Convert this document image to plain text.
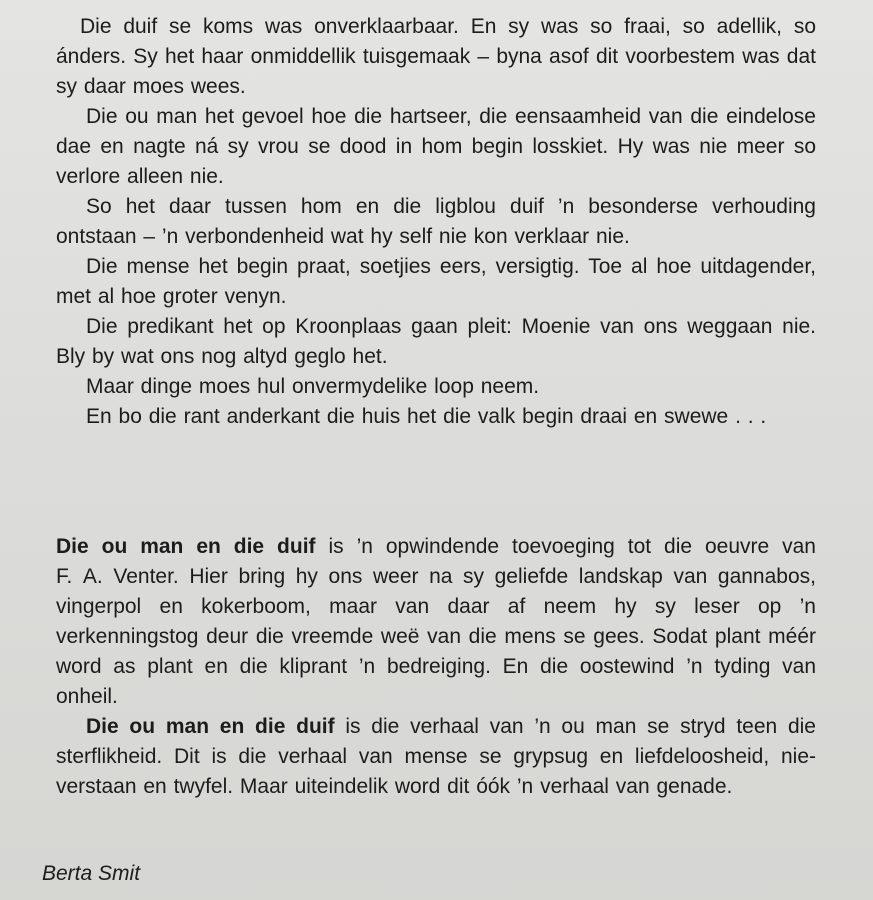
Die duif se koms was onverklaarbaar. En sy was so fraai, so adellik, so ánders. Sy het haar onmiddellik tuisgemaak – byna asof dit voorbestem was dat sy daar moes wees.

Die ou man het gevoel hoe die hartseer, die eensaamheid van die eindelose dae en nagte ná sy vrou se dood in hom begin losskiet. Hy was nie meer so verlore alleen nie.

So het daar tussen hom en die ligblou duif ’n besonderse verhouding ontstaan – ’n verbondenheid wat hy self nie kon verklaar nie.

Die mense het begin praat, soetjies eers, versigtig. Toe al hoe uitdagender, met al hoe groter venyn.

Die predikant het op Kroonplaas gaan pleit: Moenie van ons weggaan nie. Bly by wat ons nog altyd geglo het.

Maar dinge moes hul onvermydelike loop neem.

En bo die rant anderkant die huis het die valk begin draai en swewe . . .

Die ou man en die duif is ’n opwindende toevoeging tot die oeuvre van F. A. Venter. Hier bring hy ons weer na sy geliefde landskap van gannabos, vingerpol en kokerboom, maar van daar af neem hy sy leser op ’n verkenningstog deur die vreemde weë van die mens se gees. Sodat plant méér word as plant en die kliprant ’n bedreiging. En die oostewind ’n tyding van onheil.

Die ou man en die duif is die verhaal van ’n ou man se stryd teen die sterflikheid. Dit is die verhaal van mense se grypsug en liefdeloosheid, nie-verstaan en twyfel. Maar uiteindelik word dit óók ’n verhaal van genade.

Berta Smit
